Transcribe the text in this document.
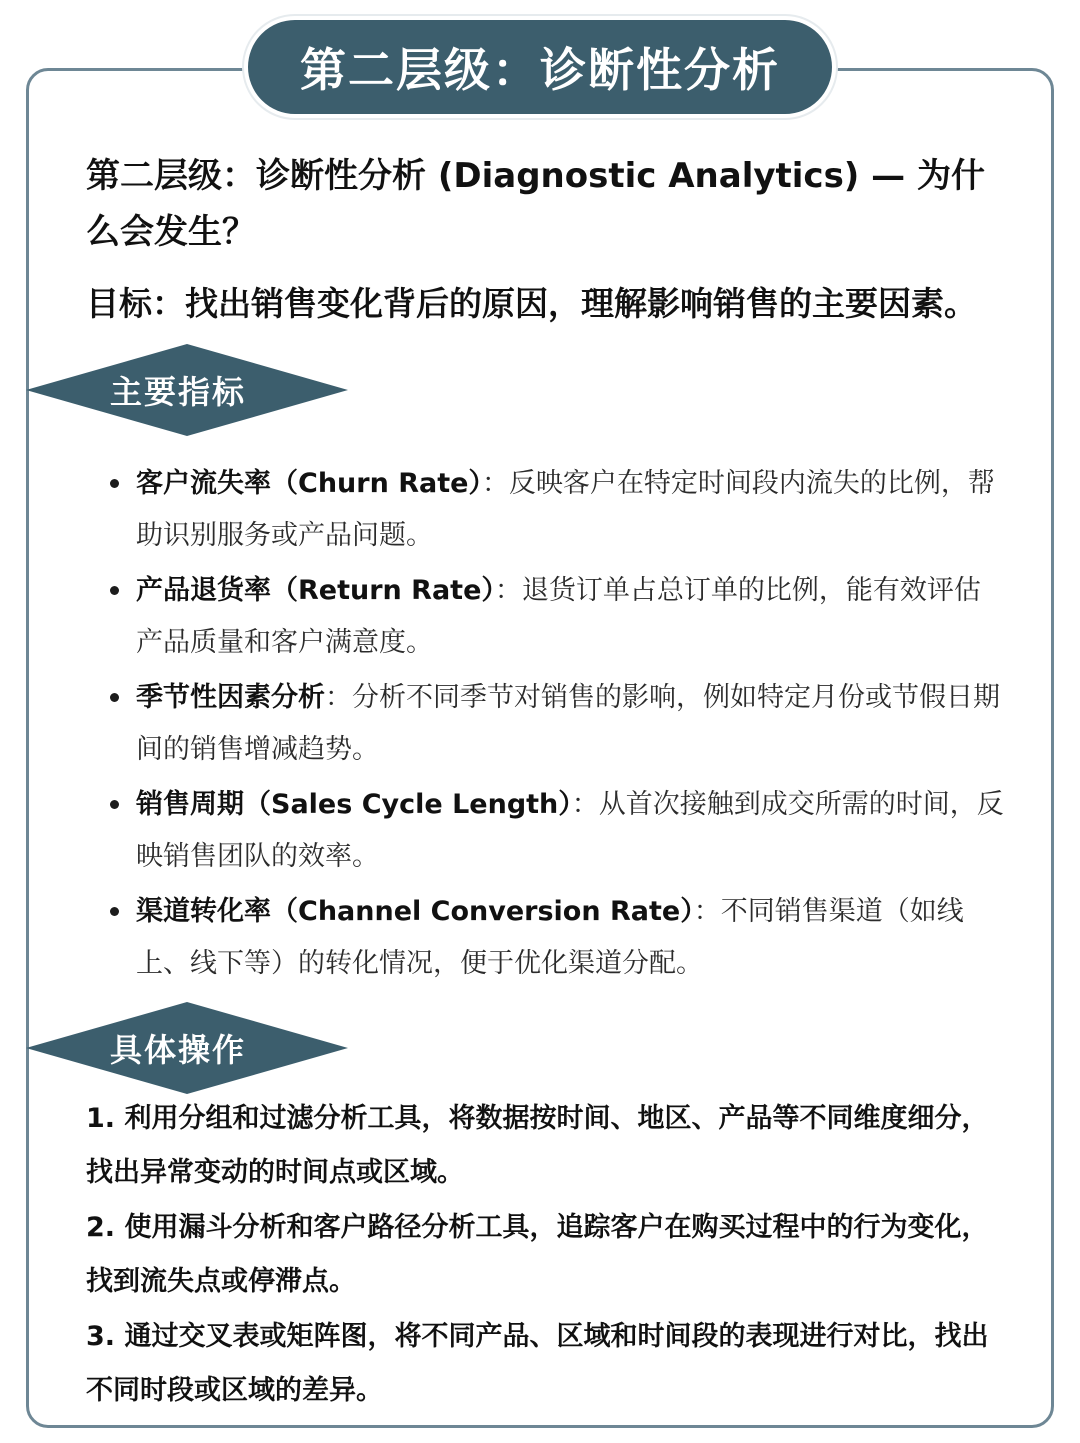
第二层级：诊断性分析
第二层级：诊断性分析 (Diagnostic Analytics) — 为什么会发生？
目标：找出销售变化背后的原因，理解影响销售的主要因素。
主要指标
客户流失率（Churn Rate）：反映客户在特定时间段内流失的比例，帮助识别服务或产品问题。
产品退货率（Return Rate）：退货订单占总订单的比例，能有效评估产品质量和客户满意度。
季节性因素分析：分析不同季节对销售的影响，例如特定月份或节假日期间的销售增减趋势。
销售周期（Sales Cycle Length）：从首次接触到成交所需的时间，反映销售团队的效率。
渠道转化率（Channel Conversion Rate）：不同销售渠道（如线上、线下等）的转化情况，便于优化渠道分配。
具体操作
1. 利用分组和过滤分析工具，将数据按时间、地区、产品等不同维度细分，找出异常变动的时间点或区域。
2. 使用漏斗分析和客户路径分析工具，追踪客户在购买过程中的行为变化，找到流失点或停滞点。
3. 通过交叉表或矩阵图，将不同产品、区域和时间段的表现进行对比，找出不同时段或区域的差异。
